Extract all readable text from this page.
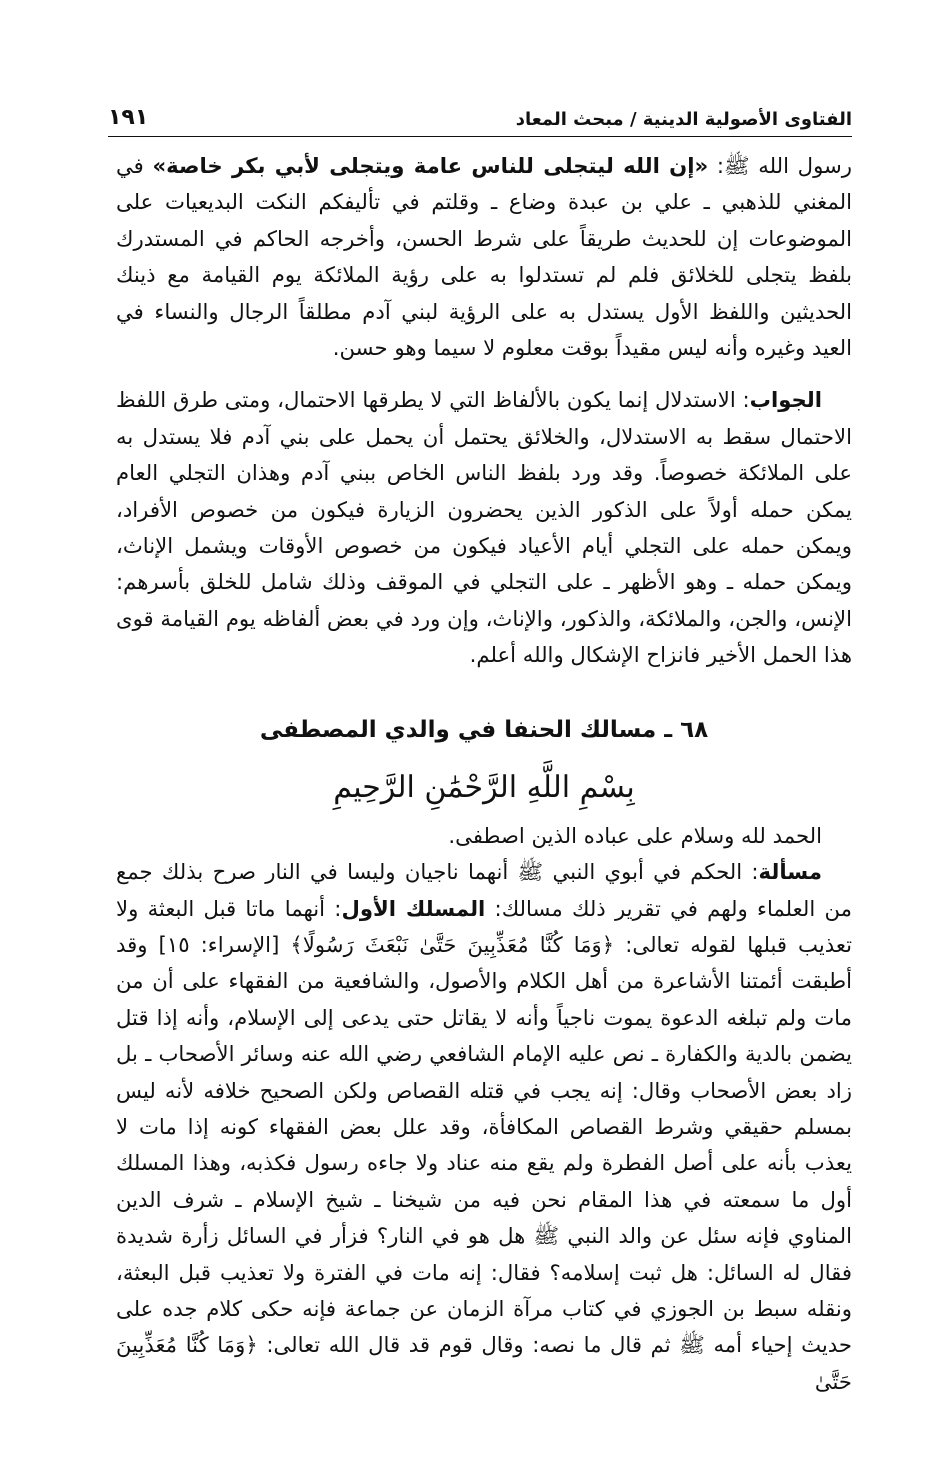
الفتاوى الأصولية الدينية / مبحث المعاد
١٩١

رسول الله ﷺ: «إن الله ليتجلى للناس عامة ويتجلى لأبي بكر خاصة» في المغني للذهبي ـ علي بن عبدة وضاع ـ وقلتم في تأليفكم النكت البديعيات على الموضوعات إن للحديث طريقاً على شرط الحسن، وأخرجه الحاكم في المستدرك بلفظ يتجلى للخلائق فلم لم تستدلوا به على رؤية الملائكة يوم القيامة مع ذينك الحديثين واللفظ الأول يستدل به على الرؤية لبني آدم مطلقاً الرجال والنساء في العيد وغيره وأنه ليس مقيداً بوقت معلوم لا سيما وهو حسن.

الجواب: الاستدلال إنما يكون بالألفاظ التي لا يطرقها الاحتمال، ومتى طرق اللفظ الاحتمال سقط به الاستدلال، والخلائق يحتمل أن يحمل على بني آدم فلا يستدل به على الملائكة خصوصاً. وقد ورد بلفظ الناس الخاص ببني آدم وهذان التجلي العام يمكن حمله أولاً على الذكور الذين يحضرون الزيارة فيكون من خصوص الأفراد، ويمكن حمله على التجلي أيام الأعياد فيكون من خصوص الأوقات ويشمل الإناث، ويمكن حمله ـ وهو الأظهر ـ على التجلي في الموقف وذلك شامل للخلق بأسرهم: الإنس، والجن، والملائكة، والذكور، والإناث، وإن ورد في بعض ألفاظه يوم القيامة قوى هذا الحمل الأخير فانزاح الإشكال والله أعلم.

٦٨ ـ مسالك الحنفا في والدي المصطفى
بِسْمِ اللَّهِ الرَّحْمَٰنِ الرَّحِيمِ

الحمد لله وسلام على عباده الذين اصطفى.

مسألة: الحكم في أبوي النبي ﷺ أنهما ناجيان وليسا في النار صرح بذلك جمع من العلماء ولهم في تقرير ذلك مسالك: المسلك الأول: أنهما ماتا قبل البعثة ولا تعذيب قبلها لقوله تعالى: ﴿وَمَا كُنَّا مُعَذِّبِينَ حَتَّىٰ نَبْعَثَ رَسُولًا﴾ [الإسراء: ١٥] وقد أطبقت أئمتنا الأشاعرة من أهل الكلام والأصول، والشافعية من الفقهاء على أن من مات ولم تبلغه الدعوة يموت ناجياً وأنه لا يقاتل حتى يدعى إلى الإسلام، وأنه إذا قتل يضمن بالدية والكفارة ـ نص عليه الإمام الشافعي رضي الله عنه وسائر الأصحاب ـ بل زاد بعض الأصحاب وقال: إنه يجب في قتله القصاص ولكن الصحيح خلافه لأنه ليس بمسلم حقيقي وشرط القصاص المكافأة، وقد علل بعض الفقهاء كونه إذا مات لا يعذب بأنه على أصل الفطرة ولم يقع منه عناد ولا جاءه رسول فكذبه، وهذا المسلك أول ما سمعته في هذا المقام نحن فيه من شيخنا ـ شيخ الإسلام ـ شرف الدين المناوي فإنه سئل عن والد النبي ﷺ هل هو في النار؟ فزأر في السائل زأرة شديدة فقال له السائل: هل ثبت إسلامه؟ فقال: إنه مات في الفترة ولا تعذيب قبل البعثة، ونقله سبط بن الجوزي في كتاب مرآة الزمان عن جماعة فإنه حكى كلام جده على حديث إحياء أمه ﷺ ثم قال ما نصه: وقال قوم قد قال الله تعالى: ﴿وَمَا كُنَّا مُعَذِّبِينَ حَتَّىٰ
